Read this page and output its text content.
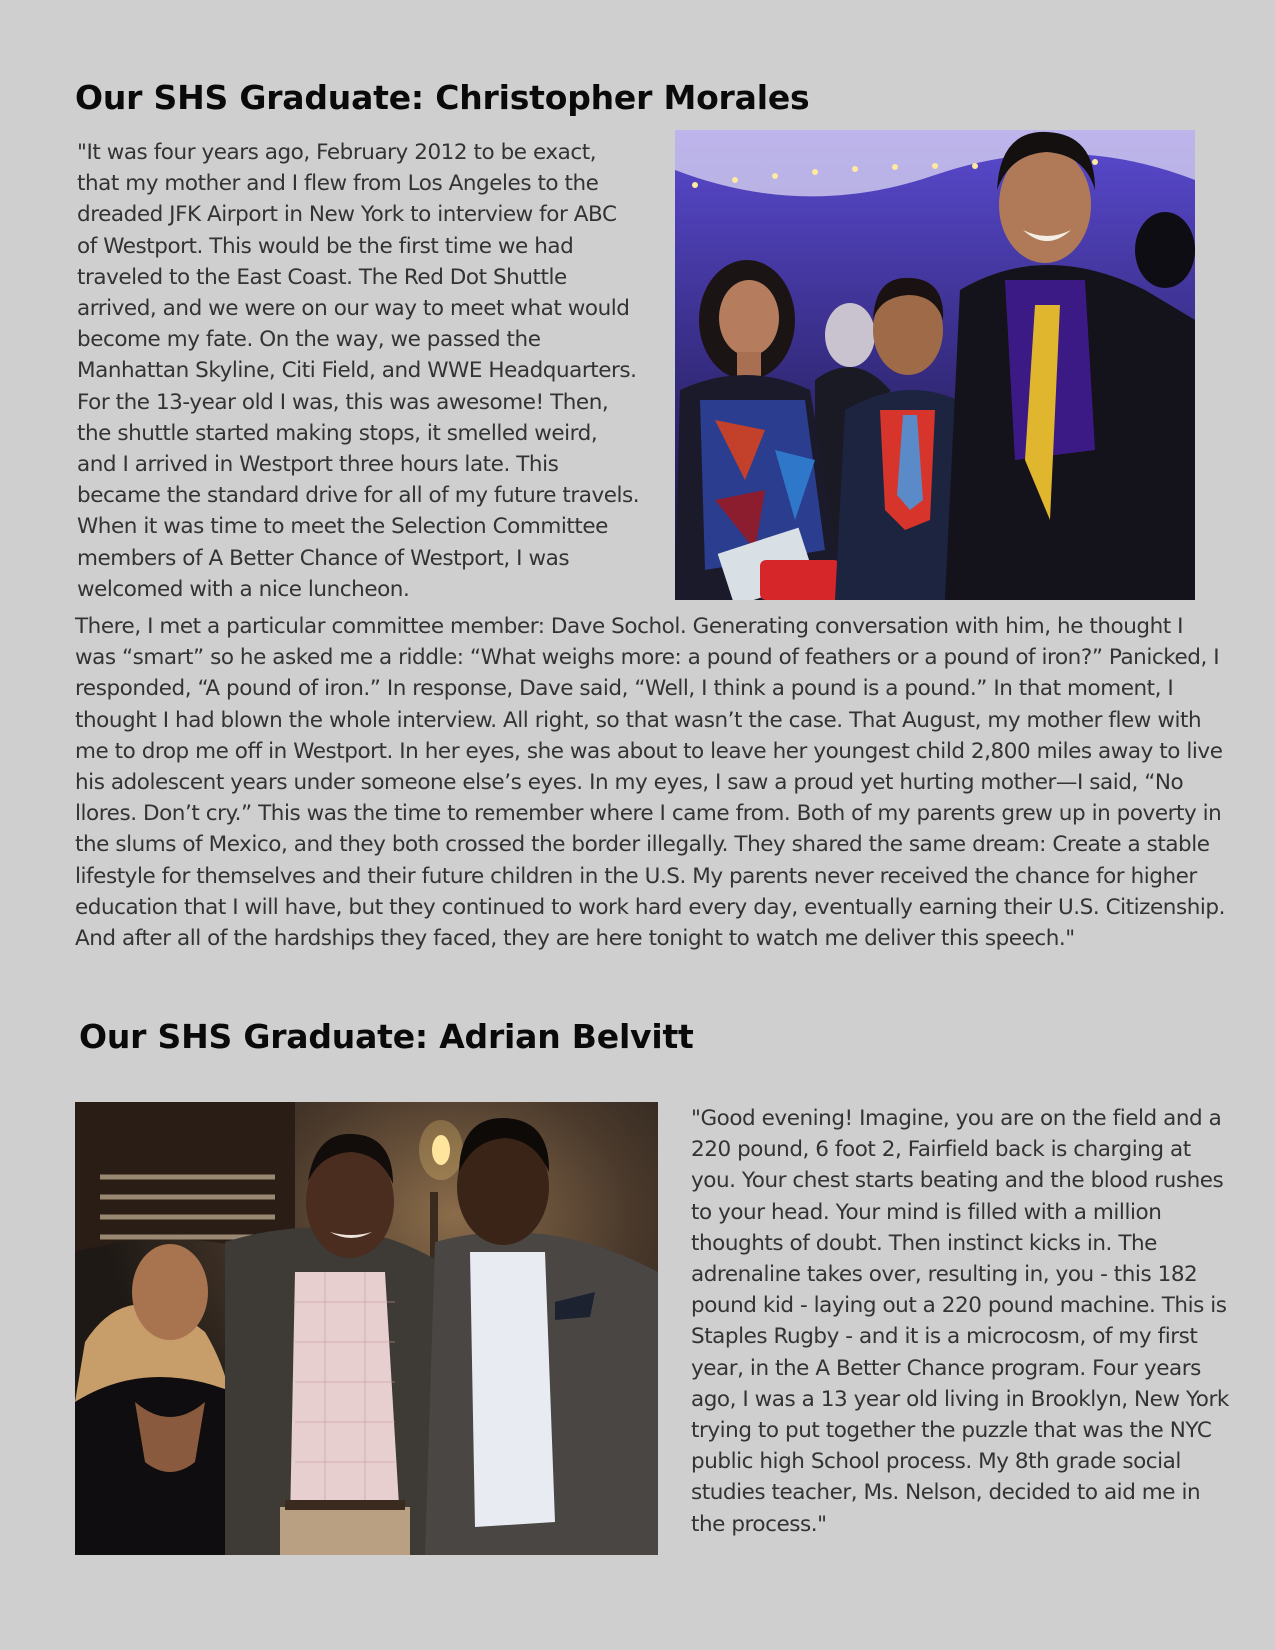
Our SHS Graduate: Christopher Morales

"It was four years ago, February 2012 to be exact, that my mother and I flew from Los Angeles to the dreaded JFK Airport in New York to interview for ABC of Westport. This would be the first time we had traveled to the East Coast. The Red Dot Shuttle arrived, and we were on our way to meet what would become my fate. On the way, we passed the Manhattan Skyline, Citi Field, and WWE Headquarters. For the 13-year old I was, this was awesome! Then, the shuttle started making stops, it smelled weird, and I arrived in Westport three hours late. This became the standard drive for all of my future travels. When it was time to meet the Selection Committee members of A Better Chance of Westport, I was welcomed with a nice luncheon.

There, I met a particular committee member: Dave Sochol. Generating conversation with him, he thought I was “smart” so he asked me a riddle: “What weighs more: a pound of feathers or a pound of iron?” Panicked, I responded, “A pound of iron.” In response, Dave said, “Well, I think a pound is a pound.” In that moment, I thought I had blown the whole interview. All right, so that wasn’t the case. That August, my mother flew with me to drop me off in Westport. In her eyes, she was about to leave her youngest child 2,800 miles away to live his adolescent years under someone else’s eyes. In my eyes, I saw a proud yet hurting mother—I said, “No llores. Don’t cry.” This was the time to remember where I came from. Both of my parents grew up in poverty in the slums of Mexico, and they both crossed the border illegally. They shared the same dream: Create a stable lifestyle for themselves and their future children in the U.S. My parents never received the chance for higher education that I will have, but they continued to work hard every day, eventually earning their U.S. Citizenship. And after all of the hardships they faced, they are here tonight to watch me deliver this speech."

Our SHS Graduate: Adrian Belvitt

"Good evening! Imagine, you are on the field and a 220 pound, 6 foot 2, Fairfield back is charging at you. Your chest starts beating and the blood rushes to your head. Your mind is filled with a million thoughts of doubt. Then instinct kicks in. The adrenaline takes over, resulting in, you - this 182 pound kid - laying out a 220 pound machine. This is Staples Rugby - and it is a microcosm, of my first year, in the A Better Chance program. Four years ago, I was a 13 year old living in Brooklyn, New York trying to put together the puzzle that was the NYC public high School process. My 8th grade social studies teacher, Ms. Nelson, decided to aid me in the process."
